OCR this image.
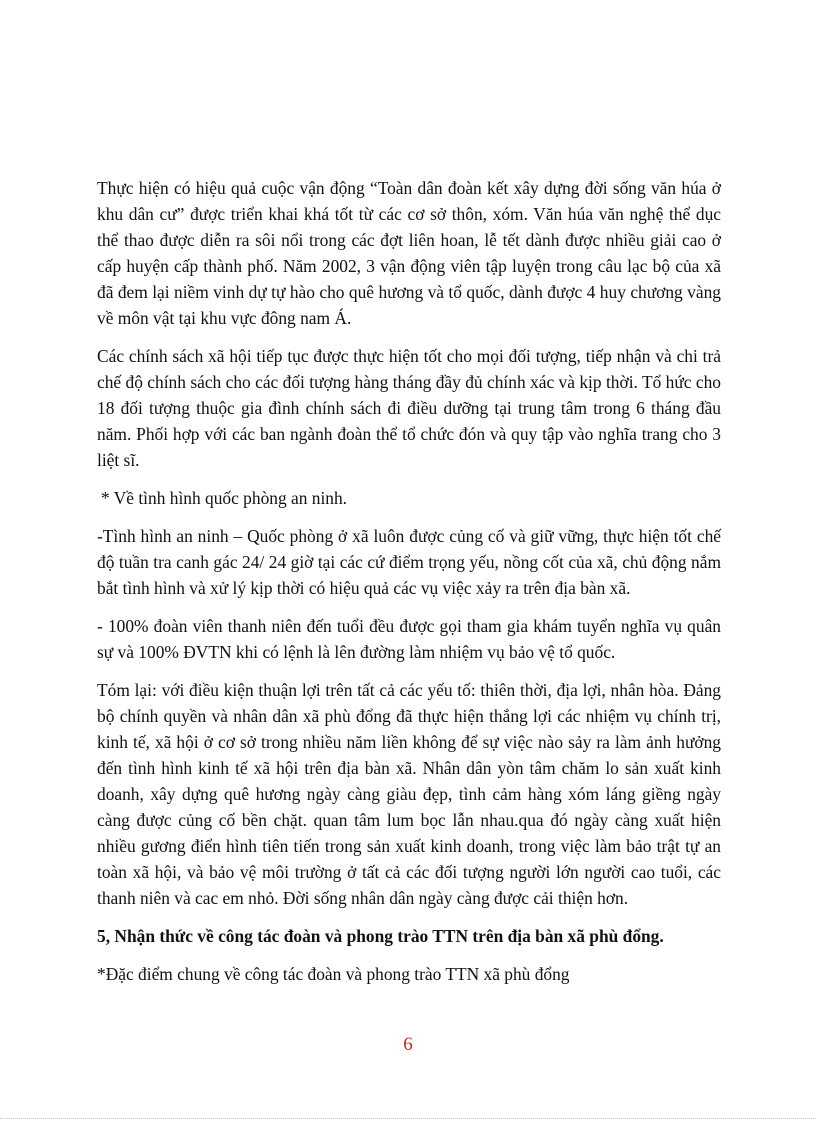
Thực hiện có hiệu quả cuộc vận động “Toàn dân đoàn kết xây dựng đời sống văn húa ở khu dân cư” được triển khai khá tốt từ các cơ sở thôn, xóm. Văn húa văn nghệ thể dục thể thao được diễn ra sôi nổi trong các đợt liên hoan, lễ tết dành được nhiều giải cao ở cấp huyện cấp thành phố. Năm 2002, 3 vận động viên tập luyện trong câu lạc bộ của xã đã đem lại niềm vinh dự tự hào cho quê hương và tổ quốc, dành được 4 huy chương vàng về môn vật tại khu vực đông nam Á.

Các chính sách xã hội tiếp tục được thực hiện tốt cho mọi đối tượng, tiếp nhận và chi trả chế độ chính sách cho các đối tượng hàng tháng đầy đủ chính xác và kịp thời. Tổ hức cho 18 đối tượng thuộc gia đình chính sách đi điều dưỡng tại trung tâm trong 6 tháng đầu năm. Phối hợp với các ban ngành đoàn thể tổ chức đón và quy tập vào nghĩa trang cho 3 liệt sĩ.

* Về tình hình quốc phòng an ninh.

-Tình hình an ninh – Quốc phòng ở xã luôn được củng cố và giữ vững, thực hiện tốt chế độ tuần tra canh gác 24/ 24 giờ tại các cứ điểm trọng yếu, nồng cốt của xã, chủ động nắm bắt tình hình và xử lý kịp thời có hiệu quả các vụ việc xảy ra trên địa bàn xã.

- 100% đoàn viên thanh niên đến tuổi đều được gọi tham gia khám tuyển nghĩa vụ quân sự và 100% ĐVTN khi có lệnh là lên đường làm nhiệm vụ bảo vệ tổ quốc.

Tóm lại: với điều kiện thuận lợi trên tất cả các yếu tố: thiên thời, địa lợi, nhân hòa. Đảng bộ chính quyền và nhân dân xã phù đổng đã thực hiện thắng lợi các nhiệm vụ chính trị, kinh tế, xã hội ở cơ sở trong nhiều năm liền không để sự việc nào sảy ra làm ảnh hưởng đến tình hình kinh tế xã hội trên địa bàn xã. Nhân dân yòn tâm chăm lo sản xuất kinh doanh, xây dựng quê hương ngày càng giàu đẹp, tình cảm hàng xóm láng giềng ngày càng được củng cố bền chặt. quan tâm lum bọc lẫn nhau.qua đó ngày càng xuất hiện nhiều gương điển hình tiên tiến trong sản xuất kinh doanh, trong việc làm bảo trật tự an toàn xã hội, và bảo vệ môi trường ở tất cả các đối tượng người lớn người cao tuổi, các thanh niên và cac em nhỏ. Đời sống nhân dân ngày càng được cải thiện hơn.

5, Nhận thức về công tác đoàn và phong trào TTN trên địa bàn xã phù đổng.

*Đặc điểm chung về công tác đoàn và phong trào TTN xã phù đổng

6
